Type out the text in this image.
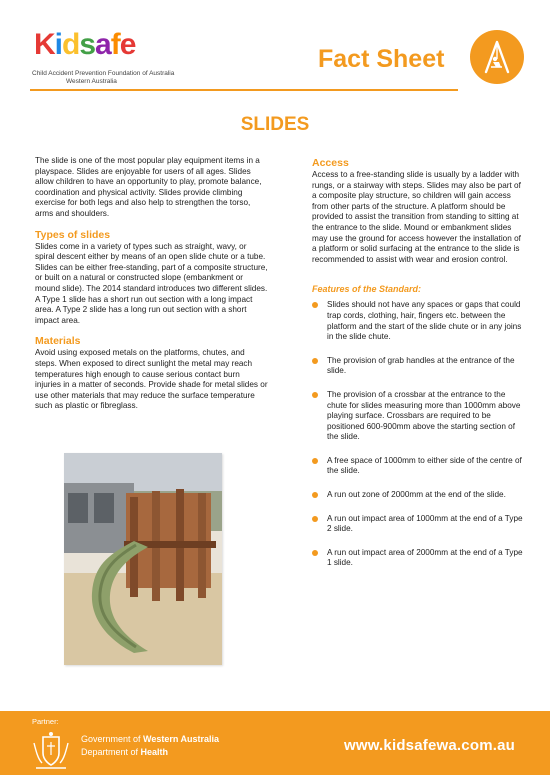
Kidsafe
Child Accident Prevention Foundation of Australia
Western Australia
Fact Sheet
SLIDES

The slide is one of the most popular play equipment items in a playspace. Slides are enjoyable for users of all ages. Slides allow children to have an opportunity to play, promote balance, coordination and physical activity. Slides provide climbing exercise for both legs and also help to strengthen the torso, arms and shoulders.

Types of slides

Slides come in a variety of types such as straight, wavy, or spiral descent either by means of an open slide chute or a tube. Slides can be either free-standing, part of a composite structure, or built on a natural or constructed slope (embankment or mound slide). The 2014 standard introduces two different slides. A Type 1 slide has a short run out section with a long impact area. A Type 2 slide has a long run out section with a short impact area.

Materials

Avoid using exposed metals on the platforms, chutes, and steps. When exposed to direct sunlight the metal may reach temperatures high enough to cause serious contact burn injuries in a matter of seconds. Provide shade for metal slides or use other materials that may reduce the surface temperature such as plastic or fibreglass.

Access

Access to a free-standing slide is usually by a ladder with rungs, or a stairway with steps. Slides may also be part of a composite play structure, so children will gain access from other parts of the structure. A platform should be provided to assist the transition from standing to sitting at the entrance to the slide. Mound or embankment slides may use the ground for access however the installation of a platform or solid surfacing at the entrance to the slide is recommended to assist with wear and erosion control.

Features of the Standard:
Slides should not have any spaces or gaps that could trap cords, clothing, hair, fingers etc. between the platform and the start of the slide chute or in any joins in the slide chute.
The provision of grab handles at the entrance of the slide.
The provision of a crossbar at the entrance to the chute for slides measuring more than 1000mm above playing surface. Crossbars are required to be positioned 600-900mm above the starting section of the slide.
A free space of 1000mm to either side of the centre of the slide.
A run out zone of 2000mm at the end of the slide.
A run out impact area of 1000mm at the end of a Type 2 slide.
A run out impact area of 2000mm at the end of a Type 1 slide.
Partner:
Government of Western Australia
Department of Health	www.kidsafewa.com.au
